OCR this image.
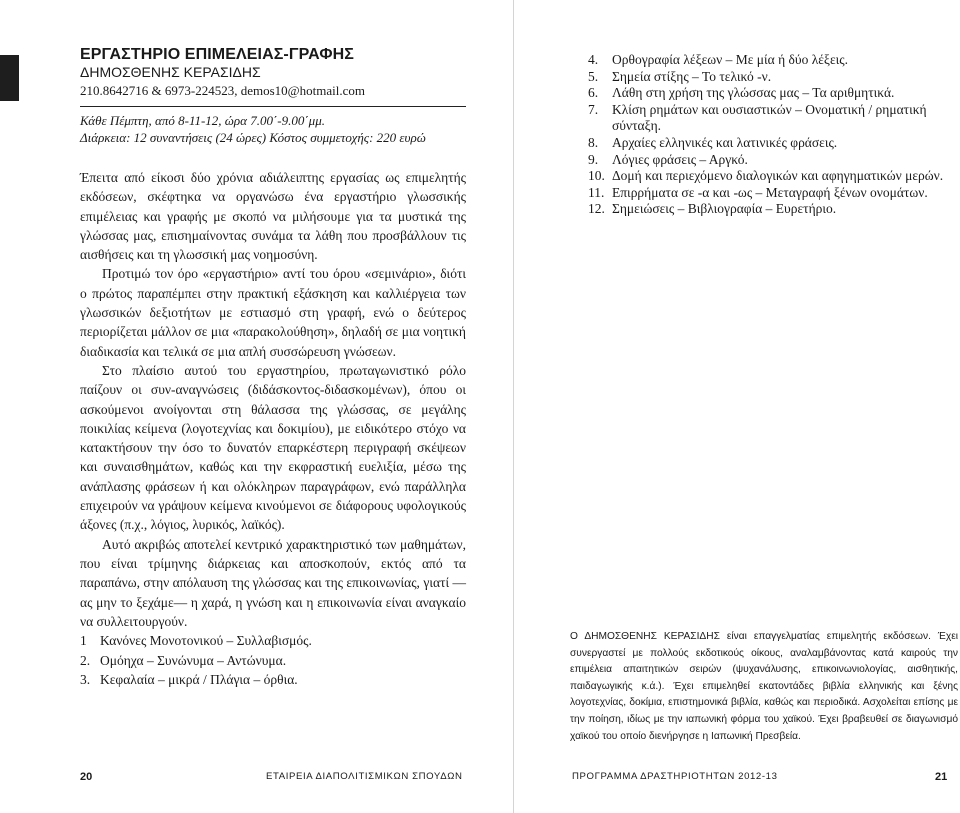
ΕΡΓΑΣΤΗΡΙΟ ΕΠΙΜΕΛΕΙΑΣ-ΓΡΑΦΗΣ
ΔΗΜΟΣΘΕΝΗΣ ΚΕΡΑΣΙΔΗΣ
210.8642716 & 6973-224523, demos10@hotmail.com
Κάθε Πέμπτη, από 8-11-12, ώρα 7.00΄-9.00΄μμ.
Διάρκεια: 12 συναντήσεις (24 ώρες) Κόστος συμμετοχής: 220 ευρώ

Έπειτα από είκοσι δύο χρόνια αδιάλειπτης εργασίας ως επιμελητής εκδόσεων, σκέφτηκα να οργανώσω ένα εργαστήριο γλωσσικής επιμέλειας και γραφής με σκοπό να μιλήσουμε για τα μυστικά της γλώσσας μας, επισημαίνοντας συνάμα τα λάθη που προσβάλλουν τις αισθήσεις και τη γλωσσική μας νοημοσύνη.

Προτιμώ τον όρο «εργαστήριο» αντί του όρου «σεμινάριο», διότι ο πρώτος παραπέμπει στην πρακτική εξάσκηση και καλλιέργεια των γλωσσικών δεξιοτήτων με εστιασμό στη γραφή, ενώ ο δεύτερος περιορίζεται μάλλον σε μια «παρακολούθηση», δηλαδή σε μια νοητική διαδικασία και τελικά σε μια απλή συσσώρευση γνώσεων.

Στο πλαίσιο αυτού του εργαστηρίου, πρωταγωνιστικό ρόλο παίζουν οι συν-αναγνώσεις (διδάσκοντος-διδασκομένων), όπου οι ασκούμενοι ανοίγονται στη θάλασσα της γλώσσας, σε μεγάλης ποικιλίας κείμενα (λογοτεχνίας και δοκιμίου), με ειδικότερο στόχο να κατακτήσουν την όσο το δυνατόν επαρκέστερη περιγραφή σκέψεων και συναισθημάτων, καθώς και την εκφραστική ευελιξία, μέσω της ανάπλασης φράσεων ή και ολόκληρων παραγράφων, ενώ παράλληλα επιχειρούν να γράψουν κείμενα κινούμενοι σε διάφορους υφολογικούς άξονες (π.χ., λόγιος, λυρικός, λαϊκός).

Αυτό ακριβώς αποτελεί κεντρικό χαρακτηριστικό των μαθημάτων, που είναι τρίμηνης διάρκειας και αποσκοπούν, εκτός από τα παραπάνω, στην απόλαυση της γλώσσας και της επικοινωνίας, γιατί —ας μην το ξεχάμε— η χαρά, η γνώση και η επικοινωνία είναι αναγκαίο να συλλειτουργούν.

1 Κανόνες Μονοτονικού – Συλλαβισμός.
2. Ομόηχα – Συνώνυμα – Αντώνυμα.
3. Κεφαλαία – μικρά / Πλάγια – όρθια.
20	ΕΤΑΙΡΕΙΑ ΔΙΑΠΟΛΙΤΙΣΜΙΚΩΝ ΣΠΟΥΔΩΝ
4. Ορθογραφία λέξεων – Με μία ή δύο λέξεις.
5. Σημεία στίξης – Το τελικό -ν.
6. Λάθη στη χρήση της γλώσσας μας – Τα αριθμητικά.
7. Κλίση ρημάτων και ουσιαστικών – Ονοματική / ρηματική σύνταξη.
8. Αρχαίες ελληνικές και λατινικές φράσεις.
9. Λόγιες φράσεις – Αργκό.
10. Δομή και περιεχόμενο διαλογικών και αφηγηματικών μερών.
11. Επιρρήματα σε -α και -ως – Μεταγραφή ξένων ονομάτων.
12. Σημειώσεις – Βιβλιογραφία – Ευρετήριο.
Ο ΔΗΜΟΣΘΕΝΗΣ ΚΕΡΑΣΙΔΗΣ είναι επαγγελματίας επιμελητής εκδόσεων. Έχει συνεργαστεί με πολλούς εκδοτικούς οίκους, αναλαμβάνοντας κατά καιρούς την επιμέλεια απαιτητικών σειρών (ψυχανάλυσης, επικοινωνιολογίας, αισθητικής, παιδαγωγικής κ.ά.). Έχει επιμεληθεί εκατοντάδες βιβλία ελληνικής και ξένης λογοτεχνίας, δοκίμια, επιστημονικά βιβλία, καθώς και περιοδικά. Ασχολείται επίσης με την ποίηση, ιδίως με την ιαπωνική φόρμα του χαϊκού. Έχει βραβευθεί σε διαγωνισμό χαϊκού του οποίο διενήργησε η Ιαπωνική Πρεσβεία.
ΠΡΟΓΡΑΜΜΑ ΔΡΑΣΤΗΡΙΟΤΗΤΩΝ 2012-13	21
